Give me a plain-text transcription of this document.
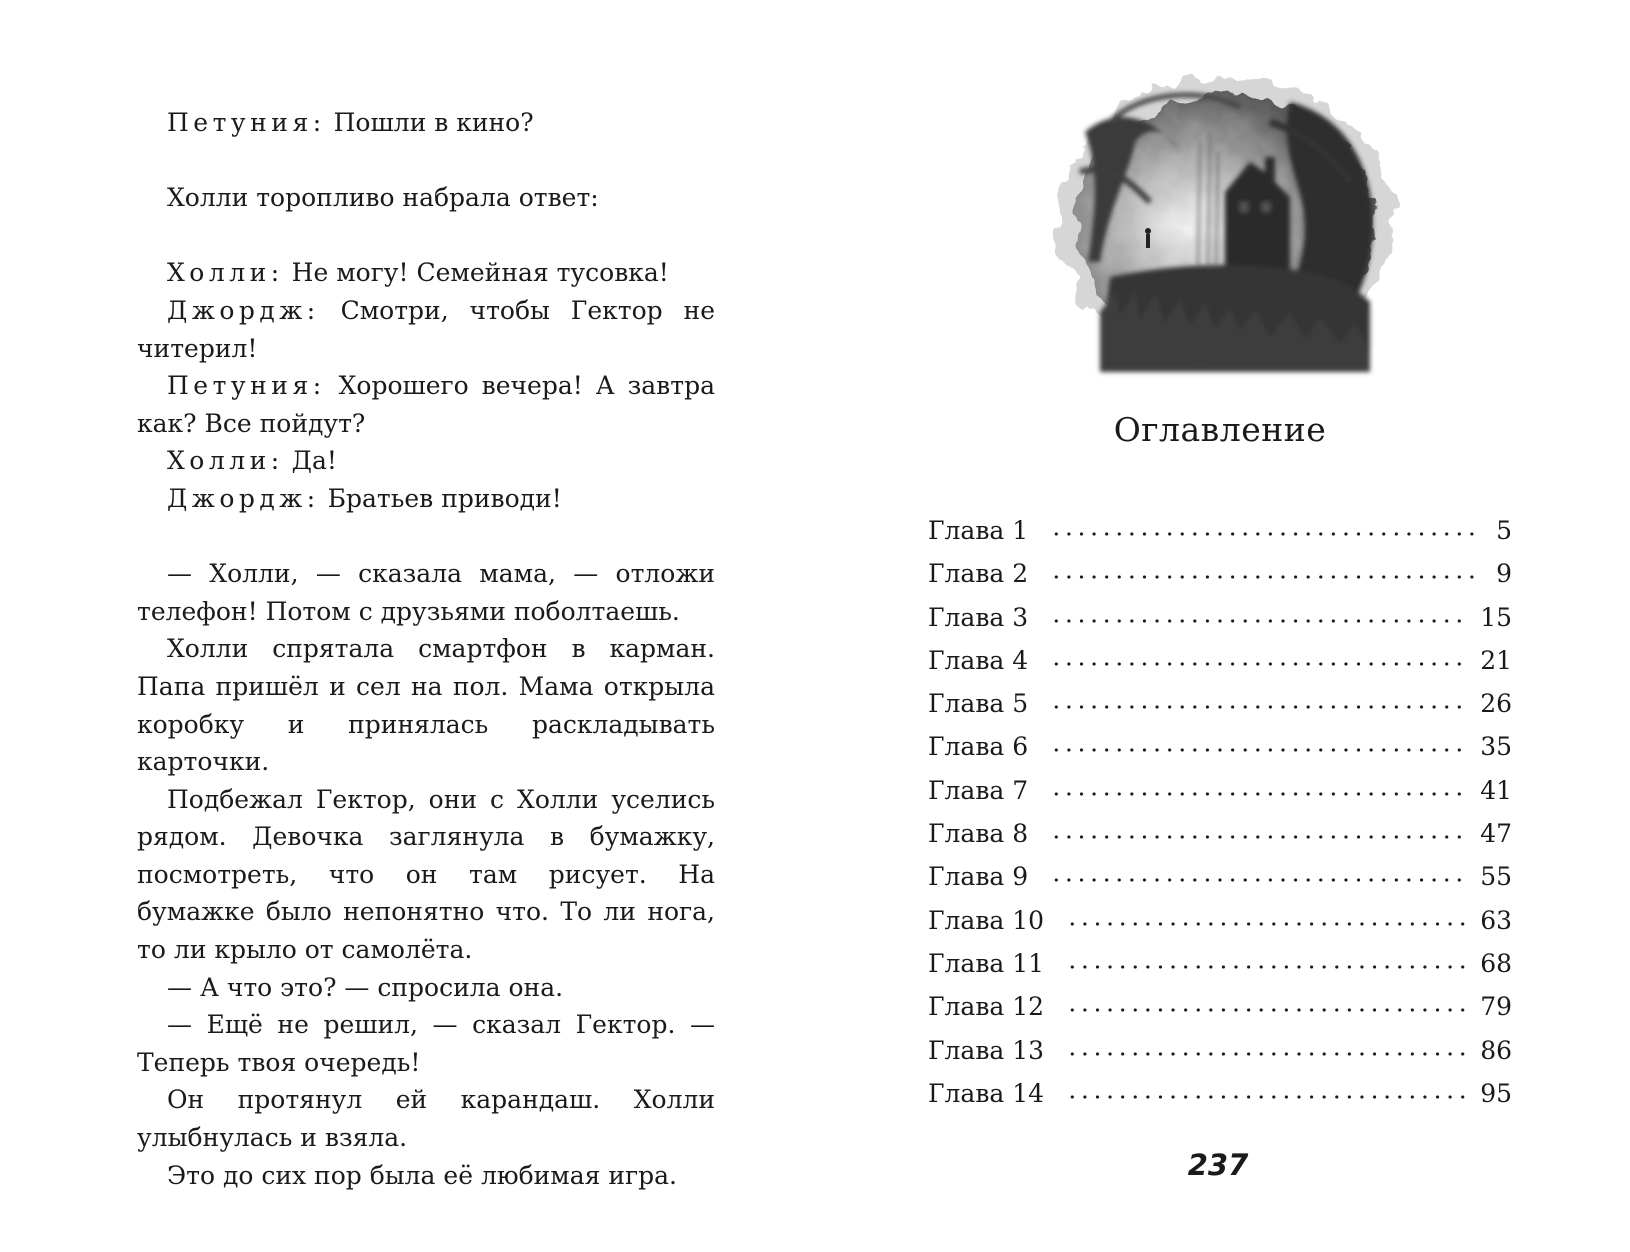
Петуния: Пошли в кино?

Холли торопливо набрала ответ:

Холли: Не могу! Семейная тусовка!

Джордж: Смотри, чтобы Гектор не читерил!

Петуния: Хорошего вечера! А завтра как? Все пойдут?

Холли: Да!

Джордж: Братьев приводи!

— Холли, — сказала мама, — отложи телефон! Потом с друзьями поболтаешь.

Холли спрятала смартфон в карман. Папа пришёл и сел на пол. Мама открыла коробку и принялась раскладывать карточки.

Подбежал Гектор, они с Холли уселись рядом. Девочка заглянула в бумажку, посмотреть, что он там рисует. На бумажке было непонятно что. То ли нога, то ли крыло от самолёта.

— А что это? — спросила она.

— Ещё не решил, — сказал Гектор. — Теперь твоя очередь!

Он протянул ей карандаш. Холли улыбнулась и взяла.

Это до сих пор была её любимая игра.

Оглавление
Глава 1	5
Глава 2	9
Глава 3	15
Глава 4	21
Глава 5	26
Глава 6	35
Глава 7	41
Глава 8	47
Глава 9	55
Глава 10	63
Глава 11	68
Глава 12	79
Глава 13	86
Глава 14	95
237
